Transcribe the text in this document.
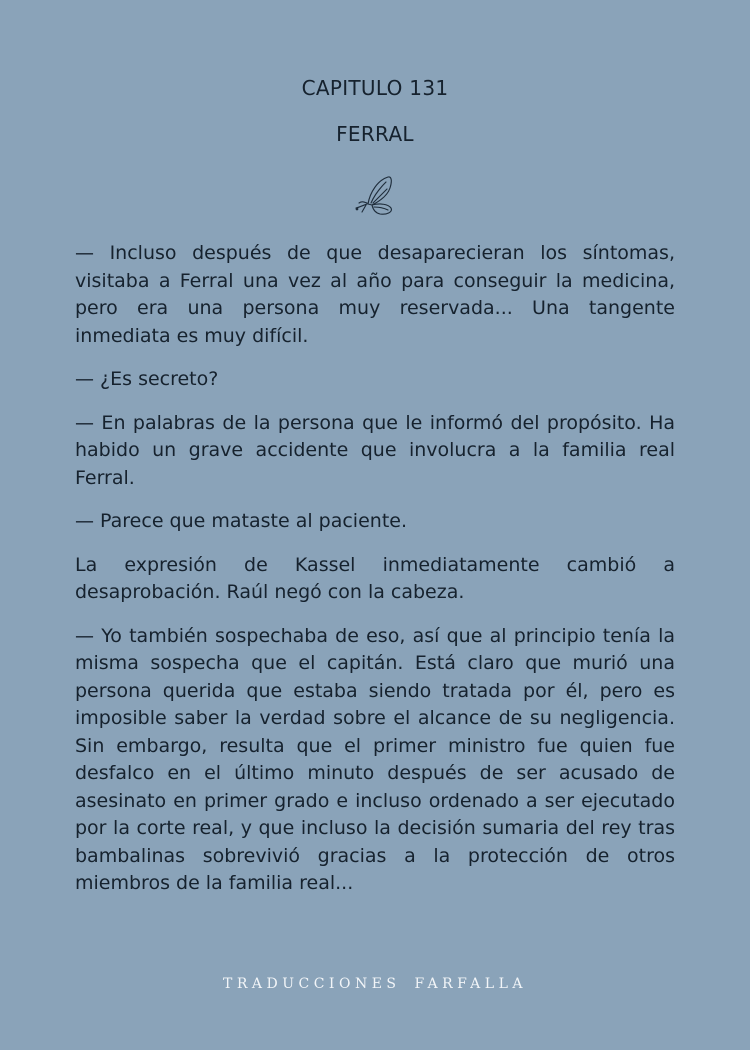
CAPITULO 131
FERRAL

— Incluso después de que desaparecieran los síntomas, visitaba a Ferral una vez al año para conseguir la medicina, pero era una persona muy reservada... Una tangente inmediata es muy difícil.

— ¿Es secreto?

— En palabras de la persona que le informó del propósito. Ha habido un grave accidente que involucra a la familia real Ferral.

— Parece que mataste al paciente.

La expresión de Kassel inmediatamente cambió a desaprobación. Raúl negó con la cabeza.

— Yo también sospechaba de eso, así que al principio tenía la misma sospecha que el capitán. Está claro que murió una persona querida que estaba siendo tratada por él, pero es imposible saber la verdad sobre el alcance de su negligencia. Sin embargo, resulta que el primer ministro fue quien fue desfalco en el último minuto después de ser acusado de asesinato en primer grado e incluso ordenado a ser ejecutado por la corte real, y que incluso la decisión sumaria del rey tras bambalinas sobrevivió gracias a la protección de otros miembros de la familia real...

TRADUCCIONES FARFALLA
